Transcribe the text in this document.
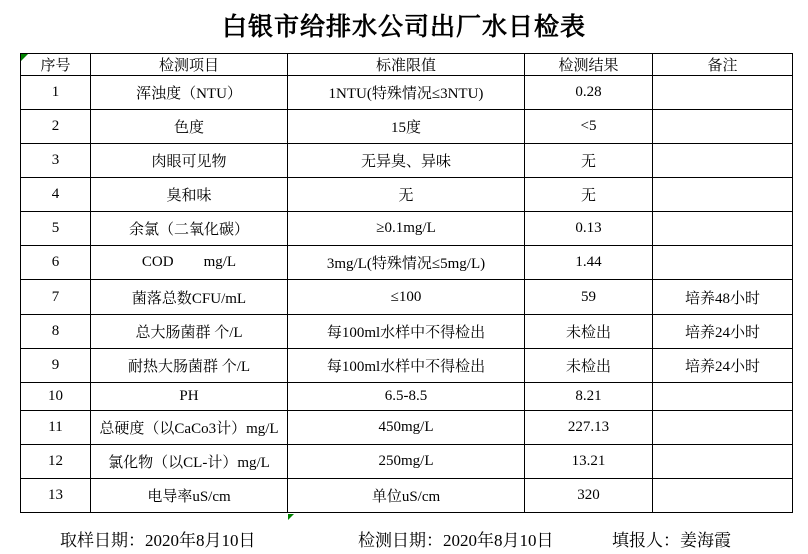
白银市给排水公司出厂水日检表
序号	检测项目	标准限值	检测结果	备注
1	浑浊度（NTU）	1NTU(特殊情况≤3NTU)	0.28	
2	色度	15度	<5	
3	肉眼可见物	无异臭、异味	无	
4	臭和味	无	无	
5	余氯（二氧化碳）	≥0.1mg/L	0.13	
6	COD        mg/L	3mg/L(特殊情况≤5mg/L)	1.44	
7	菌落总数CFU/mL	≤100	59	培养48小时
8	总大肠菌群 个/L	每100ml水样中不得检出	未检出	培养24小时
9	耐热大肠菌群 个/L	每100ml水样中不得检出	未检出	培养24小时
10	PH	6.5-8.5	8.21	
11	总硬度（以CaCo3计）mg/L	450mg/L	227.13	
12	氯化物（以CL-计）mg/L	250mg/L	13.21	
13	电导率uS/cm	单位uS/cm	320	
取样日期：2020年8月10日	检测日期：2020年8月10日	填报人：姜海霞
